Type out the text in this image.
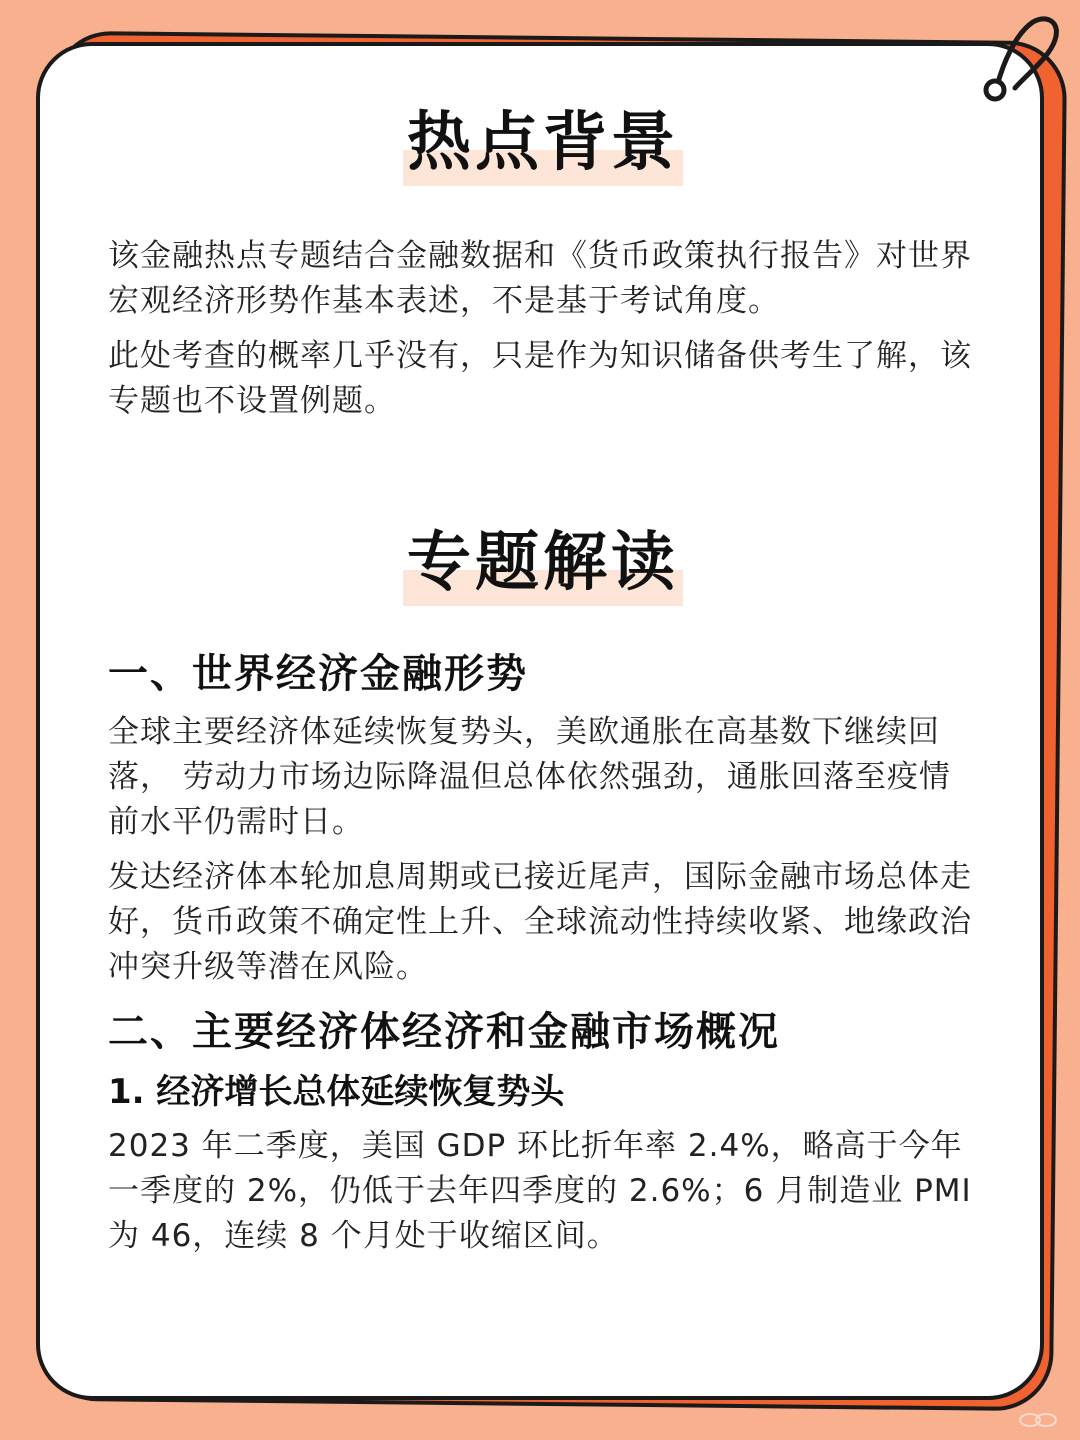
热点背景

该金融热点专题结合金融数据和《货币政策执行报告》对世界宏观经济形势作基本表述，不是基于考试角度。

此处考查的概率几乎没有，只是作为知识储备供考生了解，该专题也不设置例题。

专题解读
一、世界经济金融形势

全球主要经济体延续恢复势头，美欧通胀在高基数下继续回落， 劳动力市场边际降温但总体依然强劲，通胀回落至疫情前水平仍需时日。

发达经济体本轮加息周期或已接近尾声，国际金融市场总体走好，货币政策不确定性上升、全球流动性持续收紧、地缘政治冲突升级等潜在风险。

二、主要经济体经济和金融市场概况
1. 经济增长总体延续恢复势头

2023 年二季度，美国 GDP 环比折年率 2.4%，略高于今年一季度的 2%，仍低于去年四季度的 2.6%；6 月制造业 PMI 为 46，连续 8 个月处于收缩区间。
